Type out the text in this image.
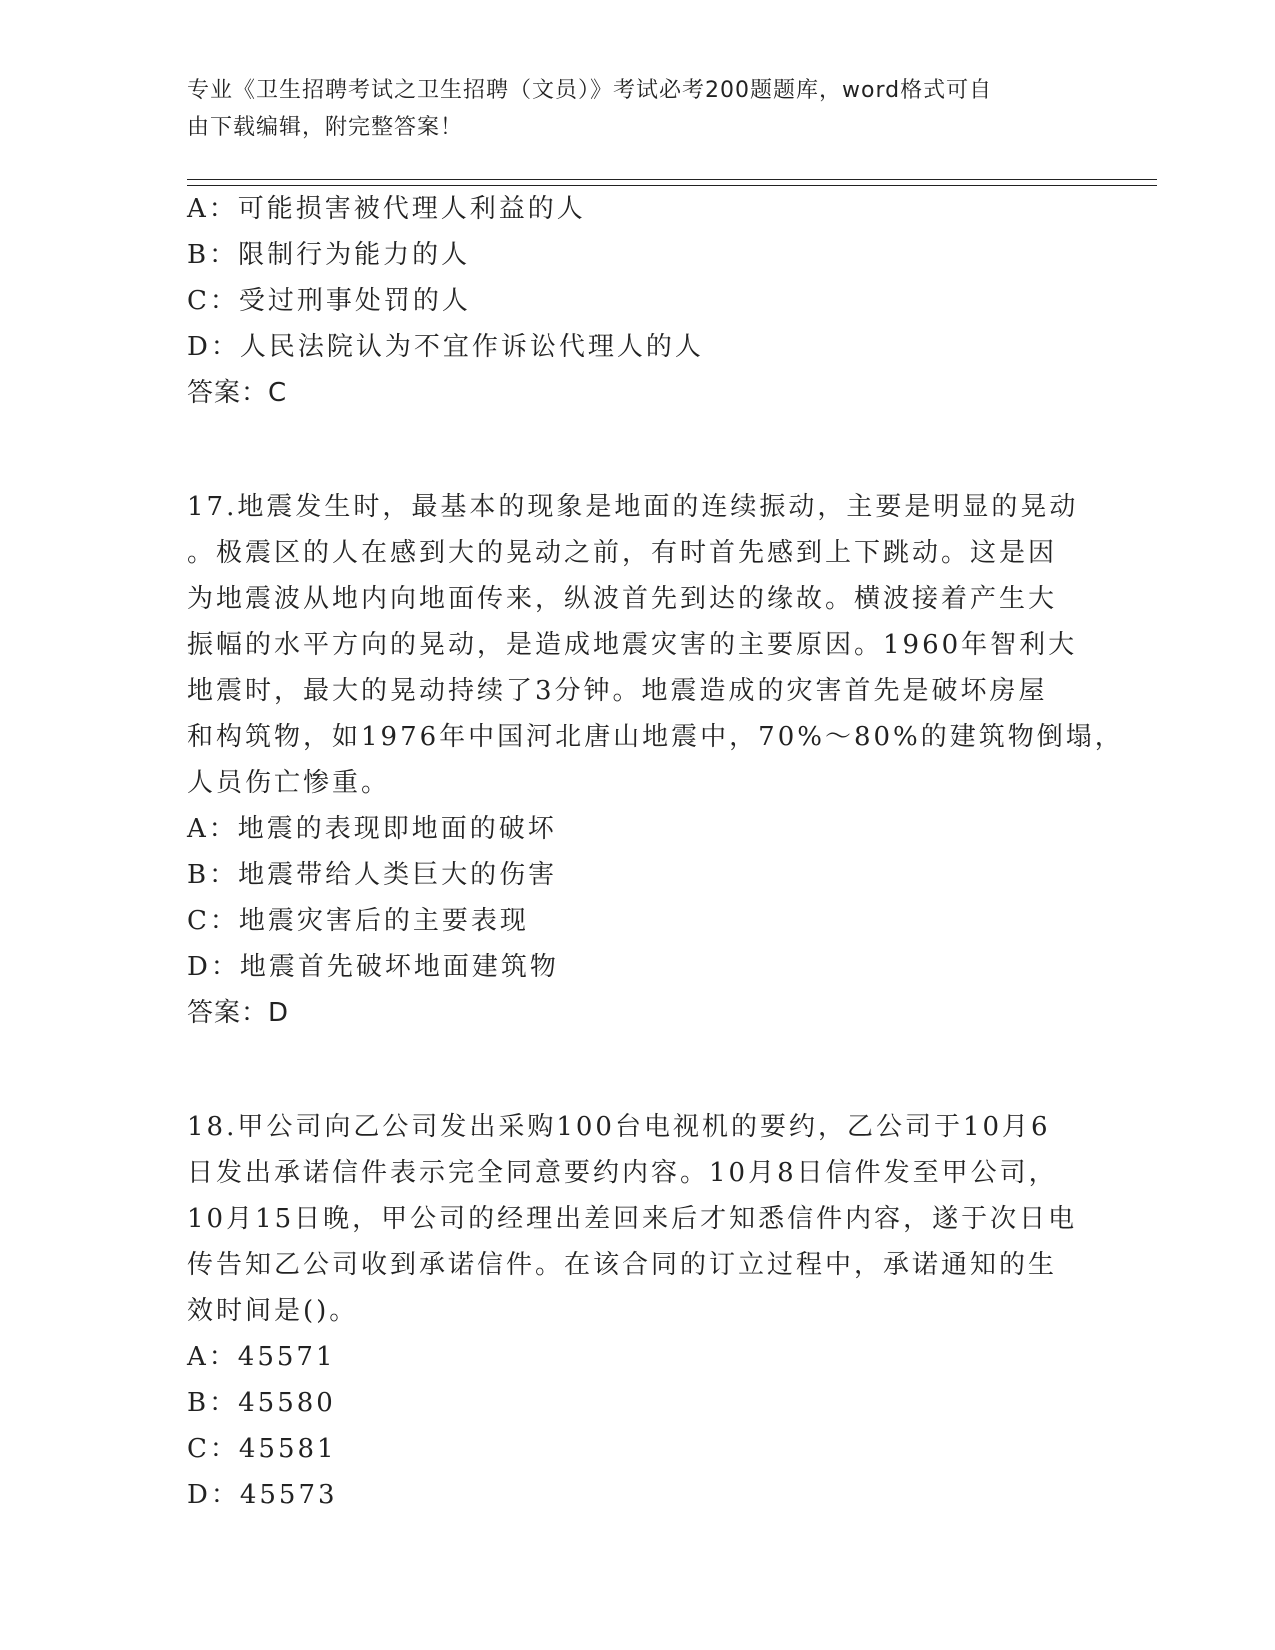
专业《卫生招聘考试之卫生招聘（文员）》考试必考200题题库，word格式可自
由下载编辑，附完整答案！
A：可能损害被代理人利益的人
B：限制行为能力的人
C：受过刑事处罚的人
D：人民法院认为不宜作诉讼代理人的人
答案：C
17.地震发生时，最基本的现象是地面的连续振动，主要是明显的晃动
。极震区的人在感到大的晃动之前，有时首先感到上下跳动。这是因
为地震波从地内向地面传来，纵波首先到达的缘故。横波接着产生大
振幅的水平方向的晃动，是造成地震灾害的主要原因。1960年智利大
地震时，最大的晃动持续了3分钟。地震造成的灾害首先是破坏房屋
和构筑物，如1976年中国河北唐山地震中，70%～80%的建筑物倒塌，
人员伤亡惨重。
A：地震的表现即地面的破坏
B：地震带给人类巨大的伤害
C：地震灾害后的主要表现
D：地震首先破坏地面建筑物
答案：D
18.甲公司向乙公司发出采购100台电视机的要约，乙公司于10月6
日发出承诺信件表示完全同意要约内容。10月8日信件发至甲公司，
10月15日晚，甲公司的经理出差回来后才知悉信件内容，遂于次日电
传告知乙公司收到承诺信件。在该合同的订立过程中，承诺通知的生
效时间是()。
A：45571
B：45580
C：45581
D：45573
